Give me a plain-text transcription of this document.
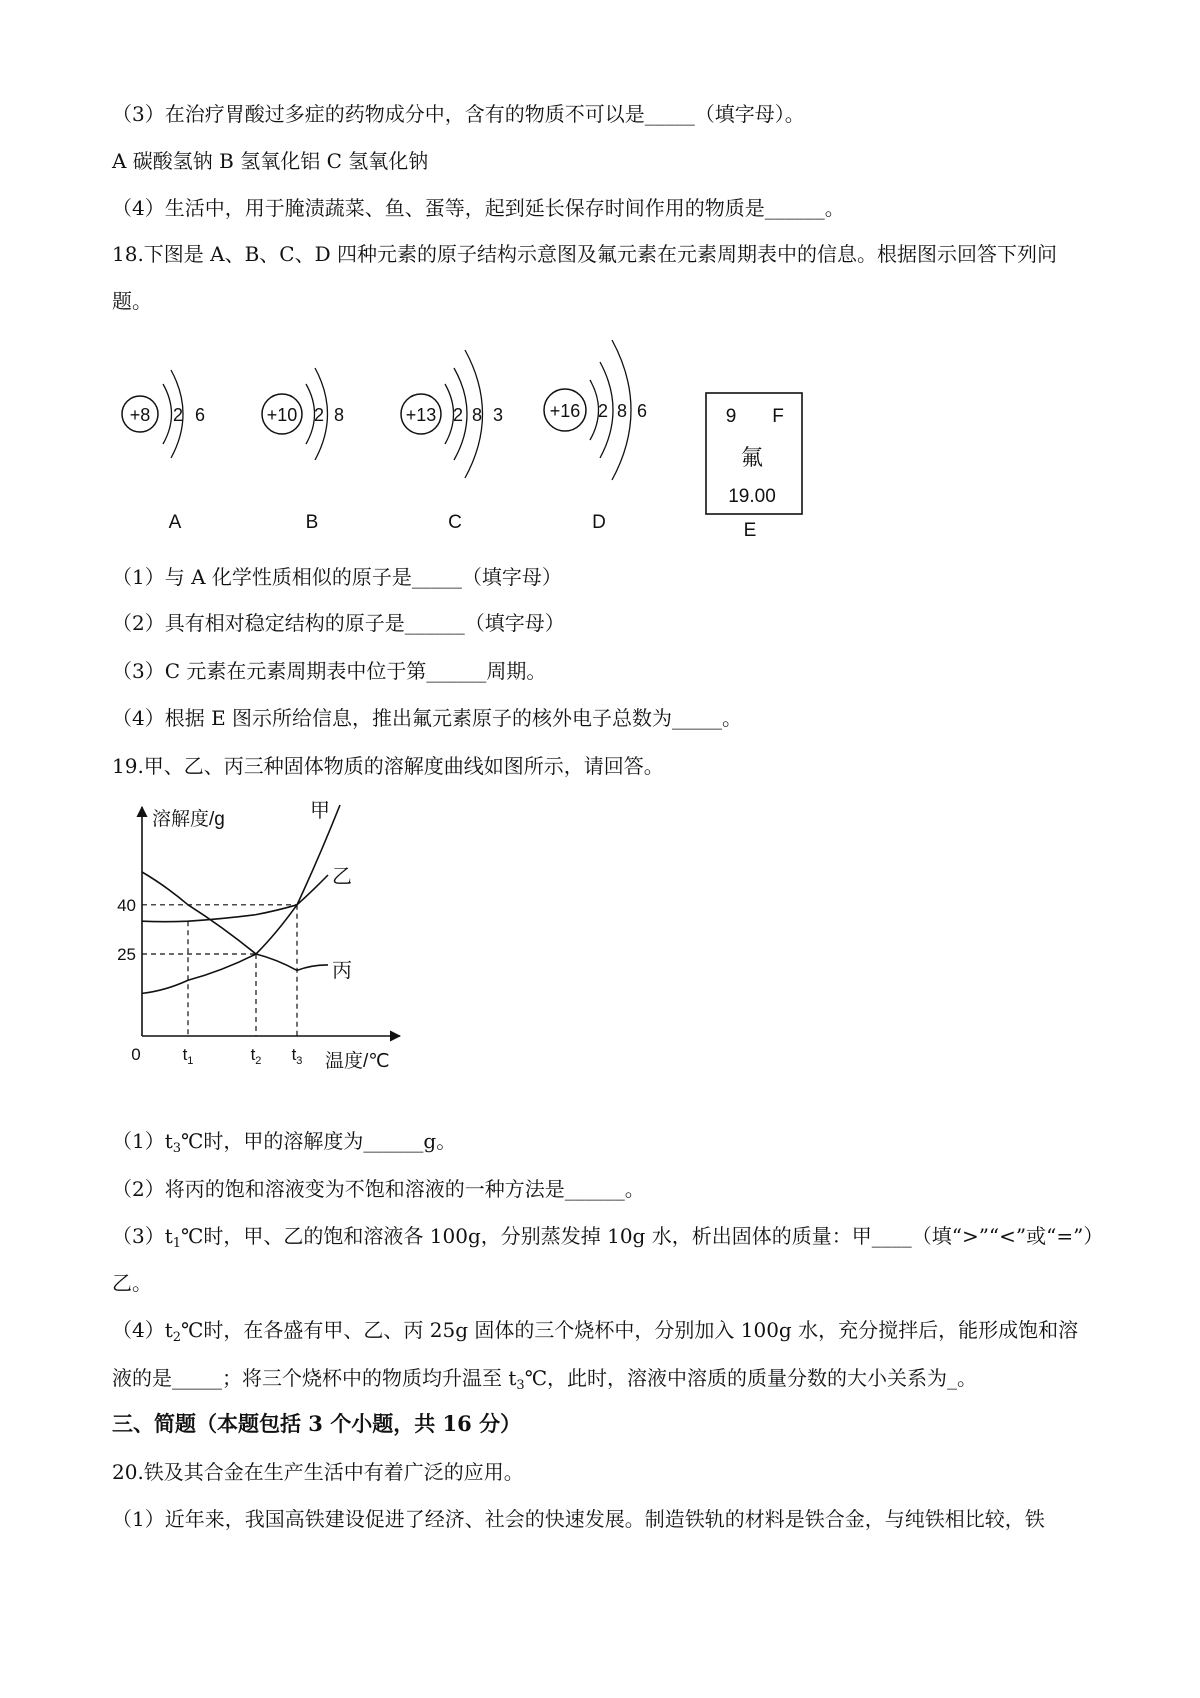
（3）在治疗胃酸过多症的药物成分中，含有的物质不可以是_____（填字母）。
A 碳酸氢钠 B 氢氧化铝 C 氢氧化钠
（4）生活中，用于腌渍蔬菜、鱼、蛋等，起到延长保存时间作用的物质是______。
18.下图是 A、B、C、D 四种元素的原子结构示意图及氟元素在元素周期表中的信息。根据图示回答下列问
题。
+8 2 6
A
+10 2 8
B
+13 2 8 3
C
+16 2 8 6
D
9 F
氟
19.00
E
（1）与 A 化学性质相似的原子是_____（填字母）
（2）具有相对稳定结构的原子是______（填字母）
（3）C 元素在元素周期表中位于第______周期。
（4）根据 E 图示所给信息，推出氟元素原子的核外电子总数为_____。
19.甲、乙、丙三种固体物质的溶解度曲线如图所示，请回答。
溶解度/g
温度/℃
甲
乙
丙
25
40
0 $t_1$	$t_2$ $t_3$
$(1)t_3℃$时，甲的溶解度为______g。
（2）将丙的饱和溶液变为不饱和溶液的一种方法是______。
$(3)t_1℃$时，甲、乙的饱和溶液各 100g，分别蒸发掉 10g 水，析出固体的质量：甲____（填“>”“<”或“=”）
乙。
$(4)t_2℃$时，在各盛有甲、乙、丙 25g 固体的三个烧杯中，分别加入 100g 水，充分搅拌后，能形成饱和溶
液的是_____；将三个烧杯中的物质均升温至 $t_3℃$，此时，溶液中溶质的质量分数的大小关系为_。
三、简题（本题包括 3 个小题，共 16 分）
20.铁及其合金在生产生活中有着广泛的应用。
（1）近年来，我国高铁建设促进了经济、社会的快速发展。制造铁轨的材料是铁合金，与纯铁相比较，铁
